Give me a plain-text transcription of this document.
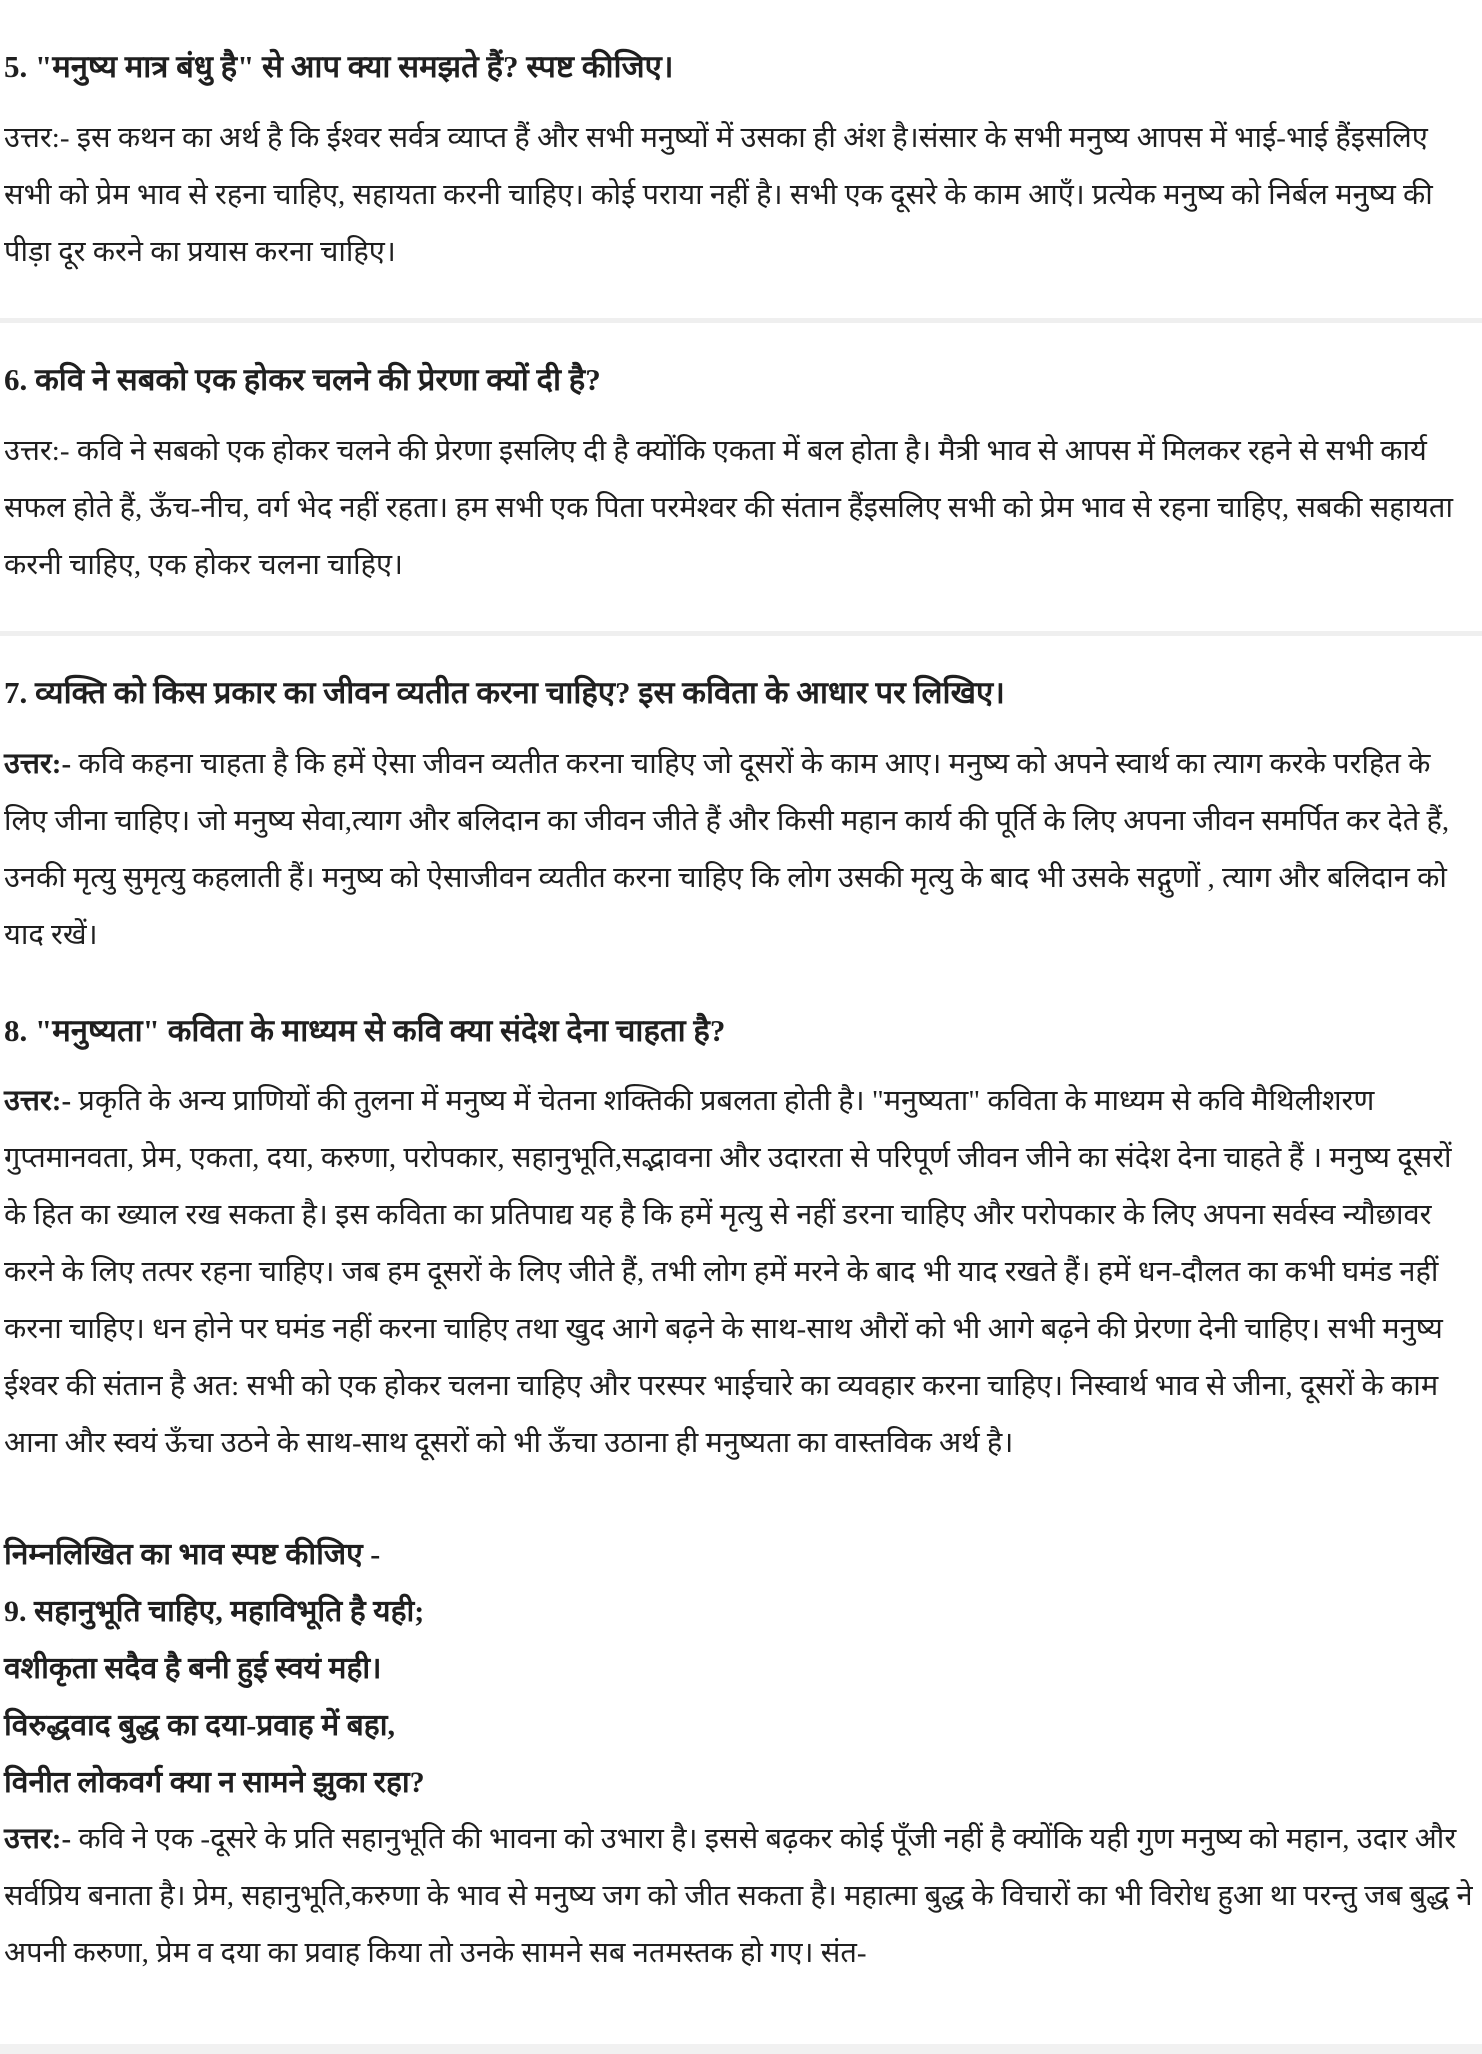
5. "मनुष्य मात्र बंधु है" से आप क्या समझते हैं? स्पष्ट कीजिए।

उत्तर:- इस कथन का अर्थ है कि ईश्वर सर्वत्र व्याप्त हैं और सभी मनुष्यों में उसका ही अंश है।संसार के सभी मनुष्य आपस में भाई-भाई हैंइसलिए सभी को प्रेम भाव से रहना चाहिए, सहायता करनी चाहिए। कोई पराया नहीं है। सभी एक दूसरे के काम आएँ। प्रत्येक मनुष्य को निर्बल मनुष्य की पीड़ा दूर करने का प्रयास करना चाहिए।

6. कवि ने सबको एक होकर चलने की प्रेरणा क्यों दी है?

उत्तर:- कवि ने सबको एक होकर चलने की प्रेरणा इसलिए दी है क्योंकि एकता में बल होता है। मैत्री भाव से आपस में मिलकर रहने से सभी कार्य सफल होते हैं, ऊँच-नीच, वर्ग भेद नहीं रहता। हम सभी एक पिता परमेश्वर की संतान हैंइसलिए सभी को प्रेम भाव से रहना चाहिए, सबकी सहायता करनी चाहिए, एक होकर चलना चाहिए।

7. व्यक्ति को किस प्रकार का जीवन व्यतीत करना चाहिए? इस कविता के आधार पर लिखिए।

उत्तर:- कवि कहना चाहता है कि हमें ऐसा जीवन व्यतीत करना चाहिए जो दूसरों के काम आए। मनुष्य को अपने स्वार्थ का त्याग करके परहित के लिए जीना चाहिए। जो मनुष्य सेवा,त्याग और बलिदान का जीवन जीते हैं और किसी महान कार्य की पूर्ति के लिए अपना जीवन समर्पित कर देते हैं, उनकी मृत्यु सुमृत्यु कहलाती हैं। मनुष्य को ऐसाजीवन व्यतीत करना चाहिए कि लोग उसकी मृत्यु के बाद भी उसके सद्गुणों , त्याग और बलिदान को याद रखें।

8. "मनुष्यता" कविता के माध्यम से कवि क्या संदेश देना चाहता है?

उत्तर:- प्रकृति के अन्य प्राणियों की तुलना में मनुष्य में चेतना शक्तिकी प्रबलता होती है। "मनुष्यता" कविता के माध्यम से कवि मैथिलीशरण गुप्तमानवता, प्रेम, एकता, दया, करुणा, परोपकार, सहानुभूति,सद्भावना और उदारता से परिपूर्ण जीवन जीने का संदेश देना चाहते हैं । मनुष्य दूसरों के हित का ख्याल रख सकता है। इस कविता का प्रतिपाद्य यह है कि हमें मृत्यु से नहीं डरना चाहिए और परोपकार के लिए अपना सर्वस्व न्यौछावर करने के लिए तत्पर रहना चाहिए। जब हम दूसरों के लिए जीते हैं, तभी लोग हमें मरने के बाद भी याद रखते हैं। हमें धन-दौलत का कभी घमंड नहीं करना चाहिए। धन होने पर घमंड नहीं करना चाहिए तथा खुद आगे बढ़ने के साथ-साथ औरों को भी आगे बढ़ने की प्रेरणा देनी चाहिए। सभी मनुष्य ईश्वर की संतान है अत: सभी को एक होकर चलना चाहिए और परस्पर भाईचारे का व्यवहार करना चाहिए। निस्वार्थ भाव से जीना, दूसरों के काम आना और स्वयं ऊँचा उठने के साथ-साथ दूसरों को भी ऊँचा उठाना ही मनुष्यता का वास्तविक अर्थ है।

निम्नलिखित का भाव स्पष्ट कीजिए -
9. सहानुभूति चाहिए, महाविभूति है यही;
वशीकृता सदैव है बनी हुई स्वयं मही।
विरुद्धवाद बुद्ध का दया-प्रवाह में बहा,
विनीत लोकवर्ग क्या न सामने झुका रहा?

उत्तर:- कवि ने एक -दूसरे के प्रति सहानुभूति की भावना को उभारा है। इससे बढ़कर कोई पूँजी नहीं है क्योंकि यही गुण मनुष्य को महान, उदार और सर्वप्रिय बनाता है। प्रेम, सहानुभूति,करुणा के भाव से मनुष्य जग को जीत सकता है। महात्मा बुद्ध के विचारों का भी विरोध हुआ था परन्तु जब बुद्ध ने अपनी करुणा, प्रेम व दया का प्रवाह किया तो उनके सामने सब नतमस्तक हो गए। संत-
